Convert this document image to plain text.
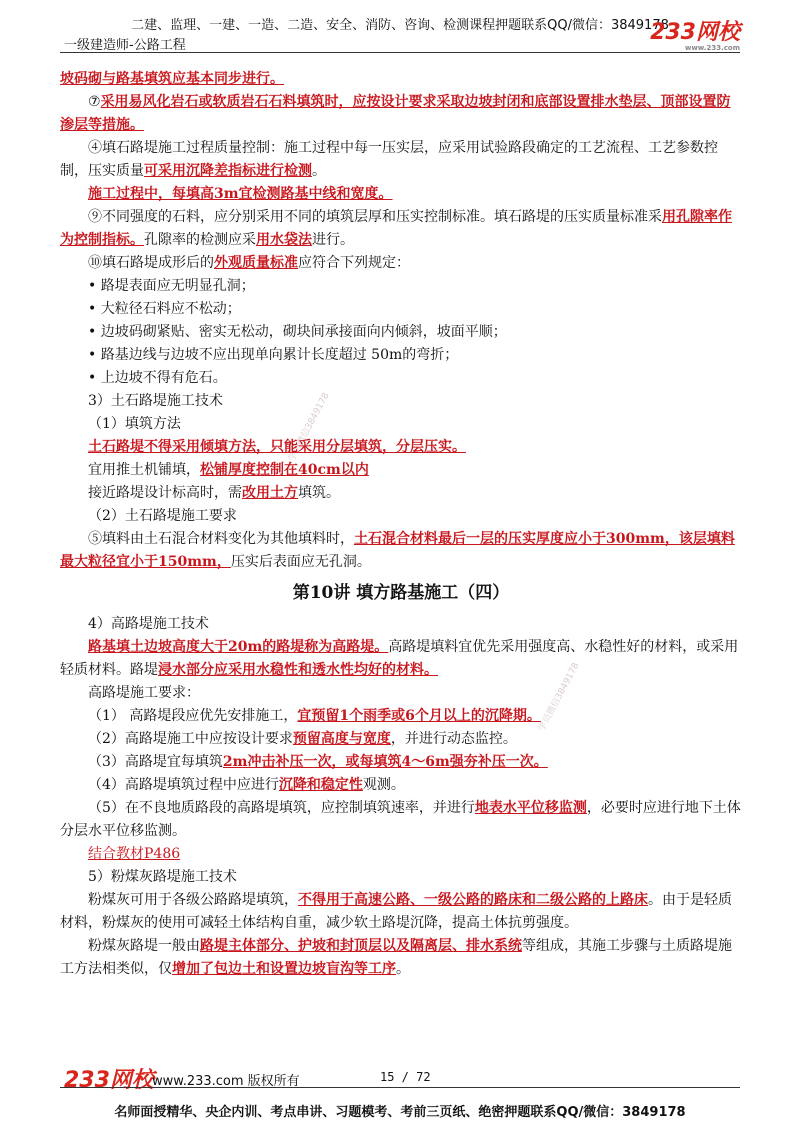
二建、监理、一建、一造、二造、安全、消防、咨询、检测课程押题联系QQ/微信：3849178
一级建造师-公路工程
233网校
www.233.com
学员微信3849178
学员微信3849178

坡码砌与路基填筑应基本同步进行。

⑦采用易风化岩石或软质岩石石料填筑时，应按设计要求采取边坡封闭和底部设置排水垫层、顶部设置防渗层等措施。

④填石路堤施工过程质量控制：施工过程中每一压实层，应采用试验路段确定的工艺流程、工艺参数控制，压实质量可采用沉降差指标进行检测。

施工过程中，每填高3m宜检测路基中线和宽度。

⑨不同强度的石料，应分别采用不同的填筑层厚和压实控制标准。填石路堤的压实质量标准采用孔隙率作为控制指标。孔隙率的检测应采用水袋法进行。

⑩填石路堤成形后的外观质量标准应符合下列规定：

• 路堤表面应无明显孔洞；

• 大粒径石料应不松动；

• 边坡码砌紧贴、密实无松动，砌块间承接面向内倾斜，坡面平顺；

• 路基边线与边坡不应出现单向累计长度超过 50m的弯折；

• 上边坡不得有危石。

3）土石路堤施工技术

（1）填筑方法

土石路堤不得采用倾填方法，只能采用分层填筑，分层压实。

宜用推土机铺填，松铺厚度控制在40cm以内

接近路堤设计标高时，需改用土方填筑。

（2）土石路堤施工要求

⑤填料由土石混合材料变化为其他填料时，土石混合材料最后一层的压实厚度应小于300mm，该层填料最大粒径宜小于150mm，压实后表面应无孔洞。

第10讲 填方路基施工（四）

4）高路堤施工技术

路基填土边坡高度大于20m的路堤称为高路堤。高路堤填料宜优先采用强度高、水稳性好的材料，或采用轻质材料。路堤浸水部分应采用水稳性和透水性均好的材料。

高路堤施工要求：

（1） 高路堤段应优先安排施工，宜预留1个雨季或6个月以上的沉降期。

（2）高路堤施工中应按设计要求预留高度与宽度，并进行动态监控。

（3）高路堤宜每填筑2m冲击补压一次，或每填筑4～6m强夯补压一次。

（4）高路堤填筑过程中应进行沉降和稳定性观测。

（5）在不良地质路段的高路堤填筑，应控制填筑速率，并进行地表水平位移监测，必要时应进行地下土体分层水平位移监测。

结合教材P486

5）粉煤灰路堤施工技术

粉煤灰可用于各级公路路堤填筑，不得用于高速公路、一级公路的路床和二级公路的上路床。由于是轻质材料，粉煤灰的使用可减轻土体结构自重，减少软土路堤沉降，提高土体抗剪强度。

粉煤灰路堤一般由路堤主体部分、护坡和封顶层以及隔离层、排水系统等组成，其施工步骤与土质路堤施工方法相类似，仅增加了包边土和设置边坡盲沟等工序。

233网校
www.233.com 版权所有	15 / 72
名师面授精华、央企内训、考点串讲、习题模考、考前三页纸、绝密押题联系QQ/微信：3849178
